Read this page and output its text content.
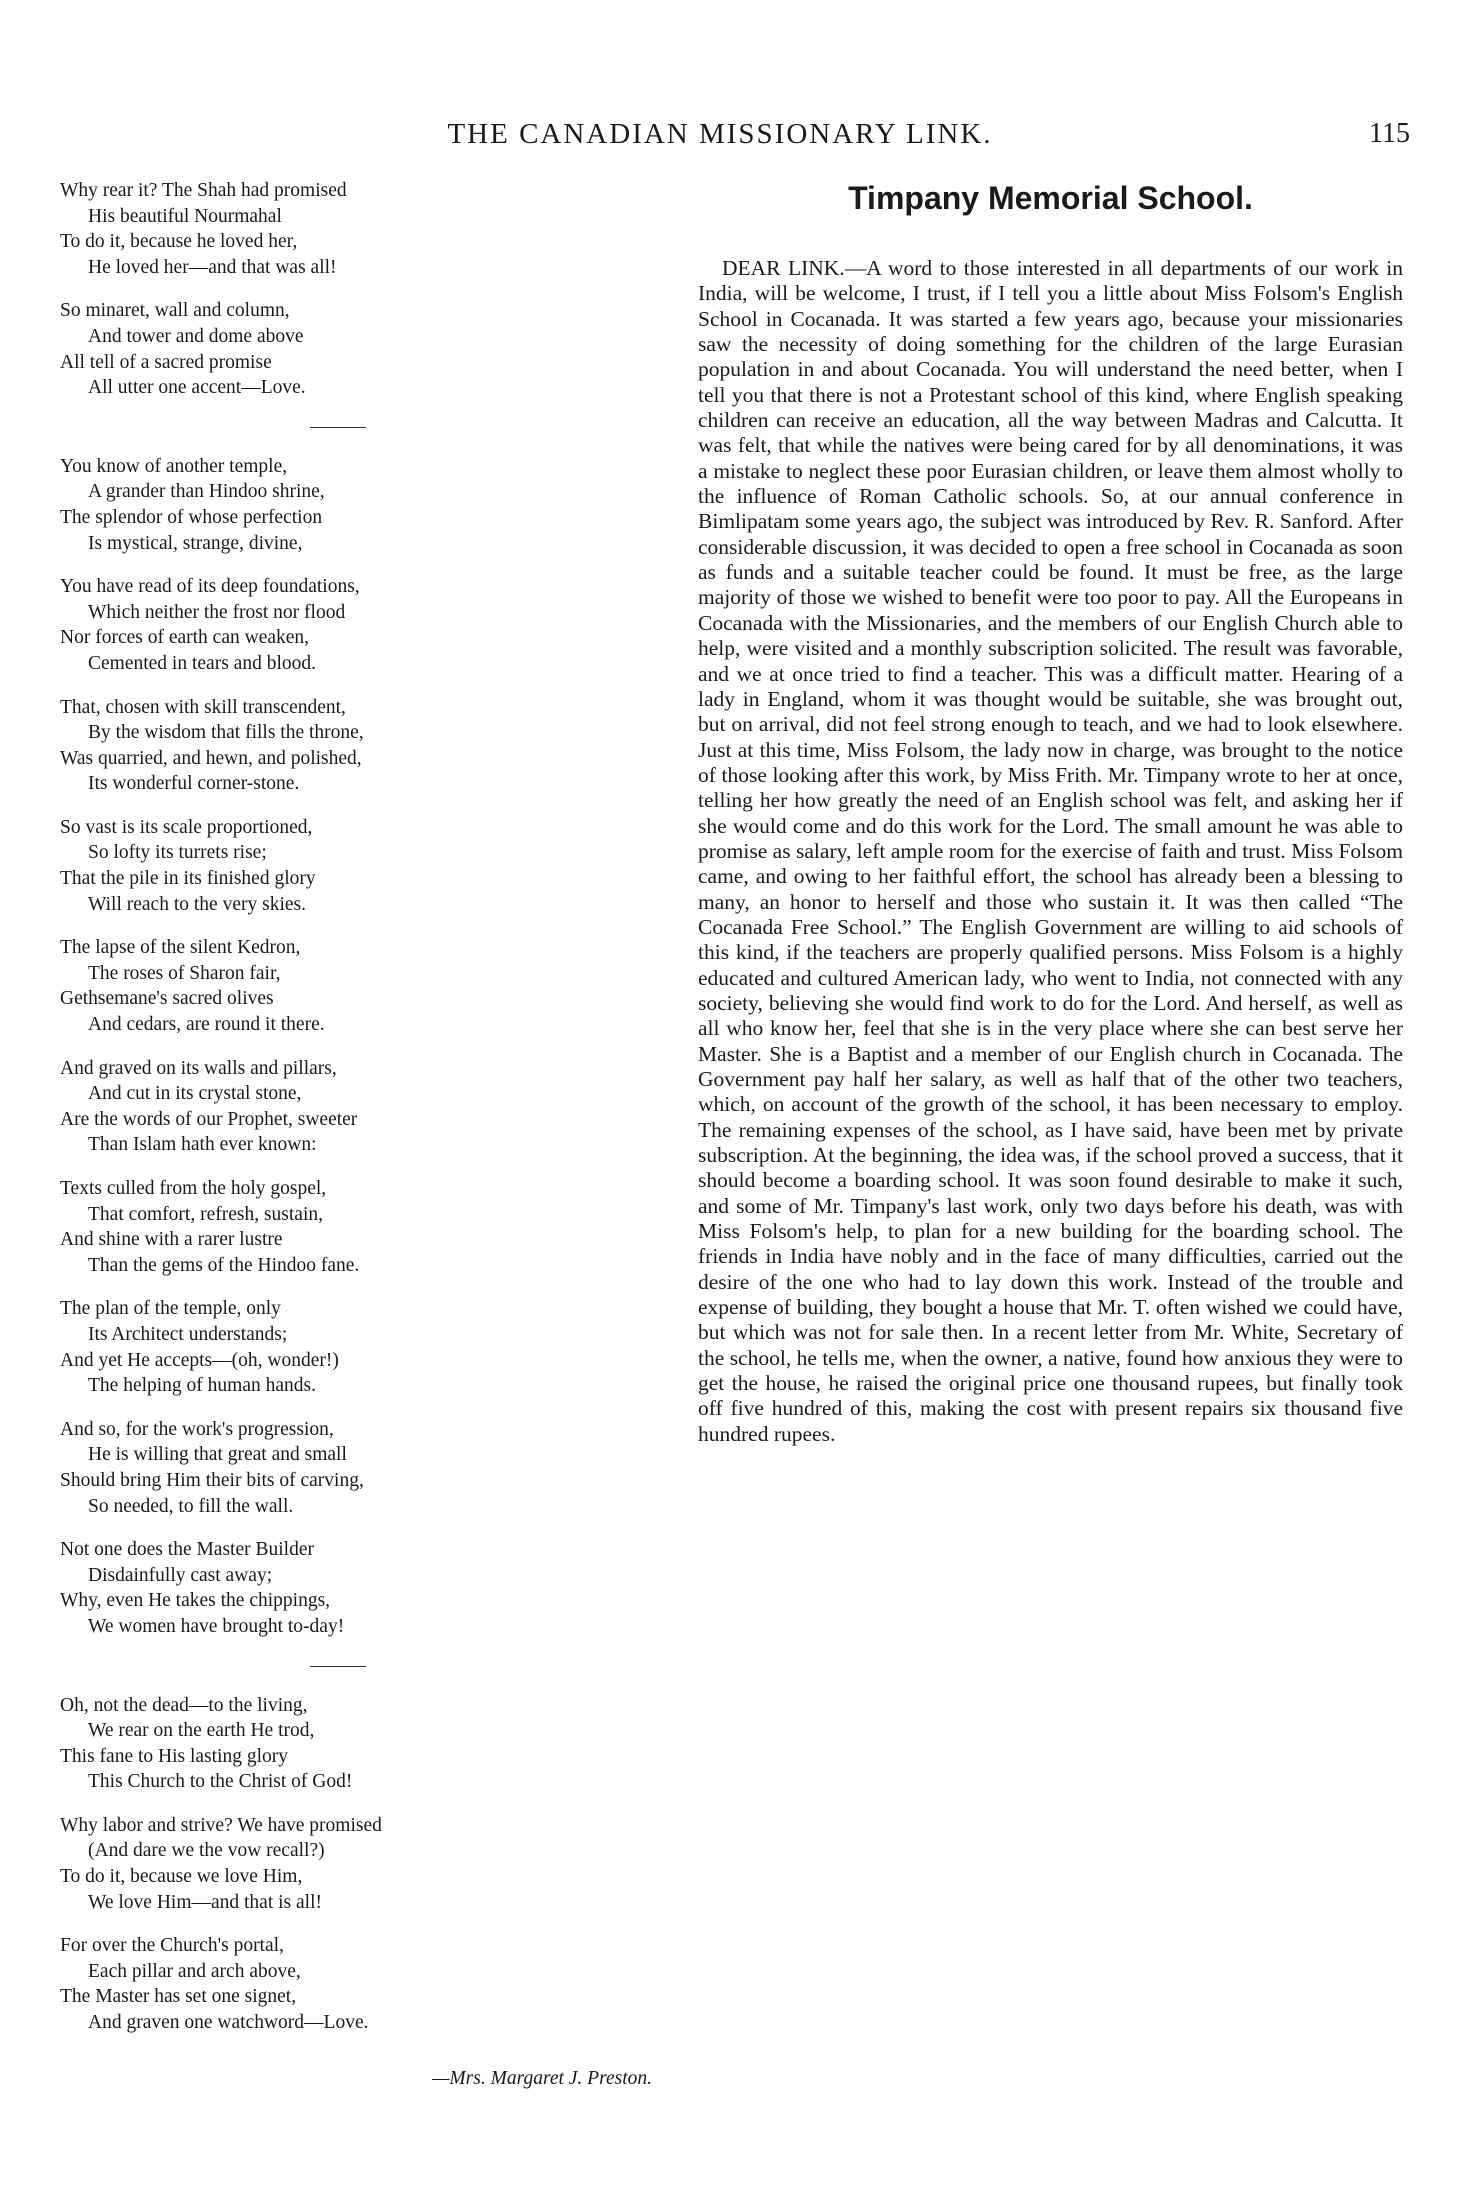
THE CANADIAN MISSIONARY LINK.	115
Why rear it? The Shah had promised
His beautiful Nourmahal
To do it, because he loved her,
He loved her—and that was all!
So minaret, wall and column,
And tower and dome above
All tell of a sacred promise
All utter one accent—Love.
You know of another temple,
A grander than Hindoo shrine,
The splendor of whose perfection
Is mystical, strange, divine,
You have read of its deep foundations,
Which neither the frost nor flood
Nor forces of earth can weaken,
Cemented in tears and blood.
That, chosen with skill transcendent,
By the wisdom that fills the throne,
Was quarried, and hewn, and polished,
Its wonderful corner-stone.
So vast is its scale proportioned,
So lofty its turrets rise;
That the pile in its finished glory
Will reach to the very skies.
The lapse of the silent Kedron,
The roses of Sharon fair,
Gethsemane's sacred olives
And cedars, are round it there.
And graved on its walls and pillars,
And cut in its crystal stone,
Are the words of our Prophet, sweeter
Than Islam hath ever known:
Texts culled from the holy gospel,
That comfort, refresh, sustain,
And shine with a rarer lustre
Than the gems of the Hindoo fane.
The plan of the temple, only
Its Architect understands;
And yet He accepts—(oh, wonder!)
The helping of human hands.
And so, for the work's progression,
He is willing that great and small
Should bring Him their bits of carving,
So needed, to fill the wall.
Not one does the Master Builder
Disdainfully cast away;
Why, even He takes the chippings,
We women have brought to-day!
Oh, not the dead—to the living,
We rear on the earth He trod,
This fane to His lasting glory
This Church to the Christ of God!
Why labor and strive? We have promised
(And dare we the vow recall?)
To do it, because we love Him,
We love Him—and that is all!
For over the Church's portal,
Each pillar and arch above,
The Master has set one signet,
And graven one watchword—Love.
—Mrs. Margaret J. Preston.
Timpany Memorial School.
DEAR LINK.—A word to those interested in all departments of our work in India, will be welcome, I trust, if I tell you a little about Miss Folsom's English School in Cocanada. It was started a few years ago, because your missionaries saw the necessity of doing something for the children of the large Eurasian population in and about Cocanada. You will understand the need better, when I tell you that there is not a Protestant school of this kind, where English speaking children can receive an education, all the way between Madras and Calcutta. It was felt, that while the natives were being cared for by all denominations, it was a mistake to neglect these poor Eurasian children, or leave them almost wholly to the influence of Roman Catholic schools. So, at our annual conference in Bimlipatam some years ago, the subject was introduced by Rev. R. Sanford. After considerable discussion, it was decided to open a free school in Cocanada as soon as funds and a suitable teacher could be found. It must be free, as the large majority of those we wished to benefit were too poor to pay. All the Europeans in Cocanada with the Missionaries, and the members of our English Church able to help, were visited and a monthly subscription solicited. The result was favorable, and we at once tried to find a teacher. This was a difficult matter. Hearing of a lady in England, whom it was thought would be suitable, she was brought out, but on arrival, did not feel strong enough to teach, and we had to look elsewhere. Just at this time, Miss Folsom, the lady now in charge, was brought to the notice of those looking after this work, by Miss Frith. Mr. Timpany wrote to her at once, telling her how greatly the need of an English school was felt, and asking her if she would come and do this work for the Lord. The small amount he was able to promise as salary, left ample room for the exercise of faith and trust. Miss Folsom came, and owing to her faithful effort, the school has already been a blessing to many, an honor to herself and those who sustain it. It was then called “The Cocanada Free School.” The English Government are willing to aid schools of this kind, if the teachers are properly qualified persons. Miss Folsom is a highly educated and cultured American lady, who went to India, not connected with any society, believing she would find work to do for the Lord. And herself, as well as all who know her, feel that she is in the very place where she can best serve her Master. She is a Baptist and a member of our English church in Cocanada. The Government pay half her salary, as well as half that of the other two teachers, which, on account of the growth of the school, it has been necessary to employ. The remaining expenses of the school, as I have said, have been met by private subscription. At the beginning, the idea was, if the school proved a success, that it should become a boarding school. It was soon found desirable to make it such, and some of Mr. Timpany's last work, only two days before his death, was with Miss Folsom's help, to plan for a new building for the boarding school. The friends in India have nobly and in the face of many difficulties, carried out the desire of the one who had to lay down this work. Instead of the trouble and expense of building, they bought a house that Mr. T. often wished we could have, but which was not for sale then. In a recent letter from Mr. White, Secretary of the school, he tells me, when the owner, a native, found how anxious they were to get the house, he raised the original price one thousand rupees, but finally took off five hundred of this, making the cost with present repairs six thousand five hundred rupees.
